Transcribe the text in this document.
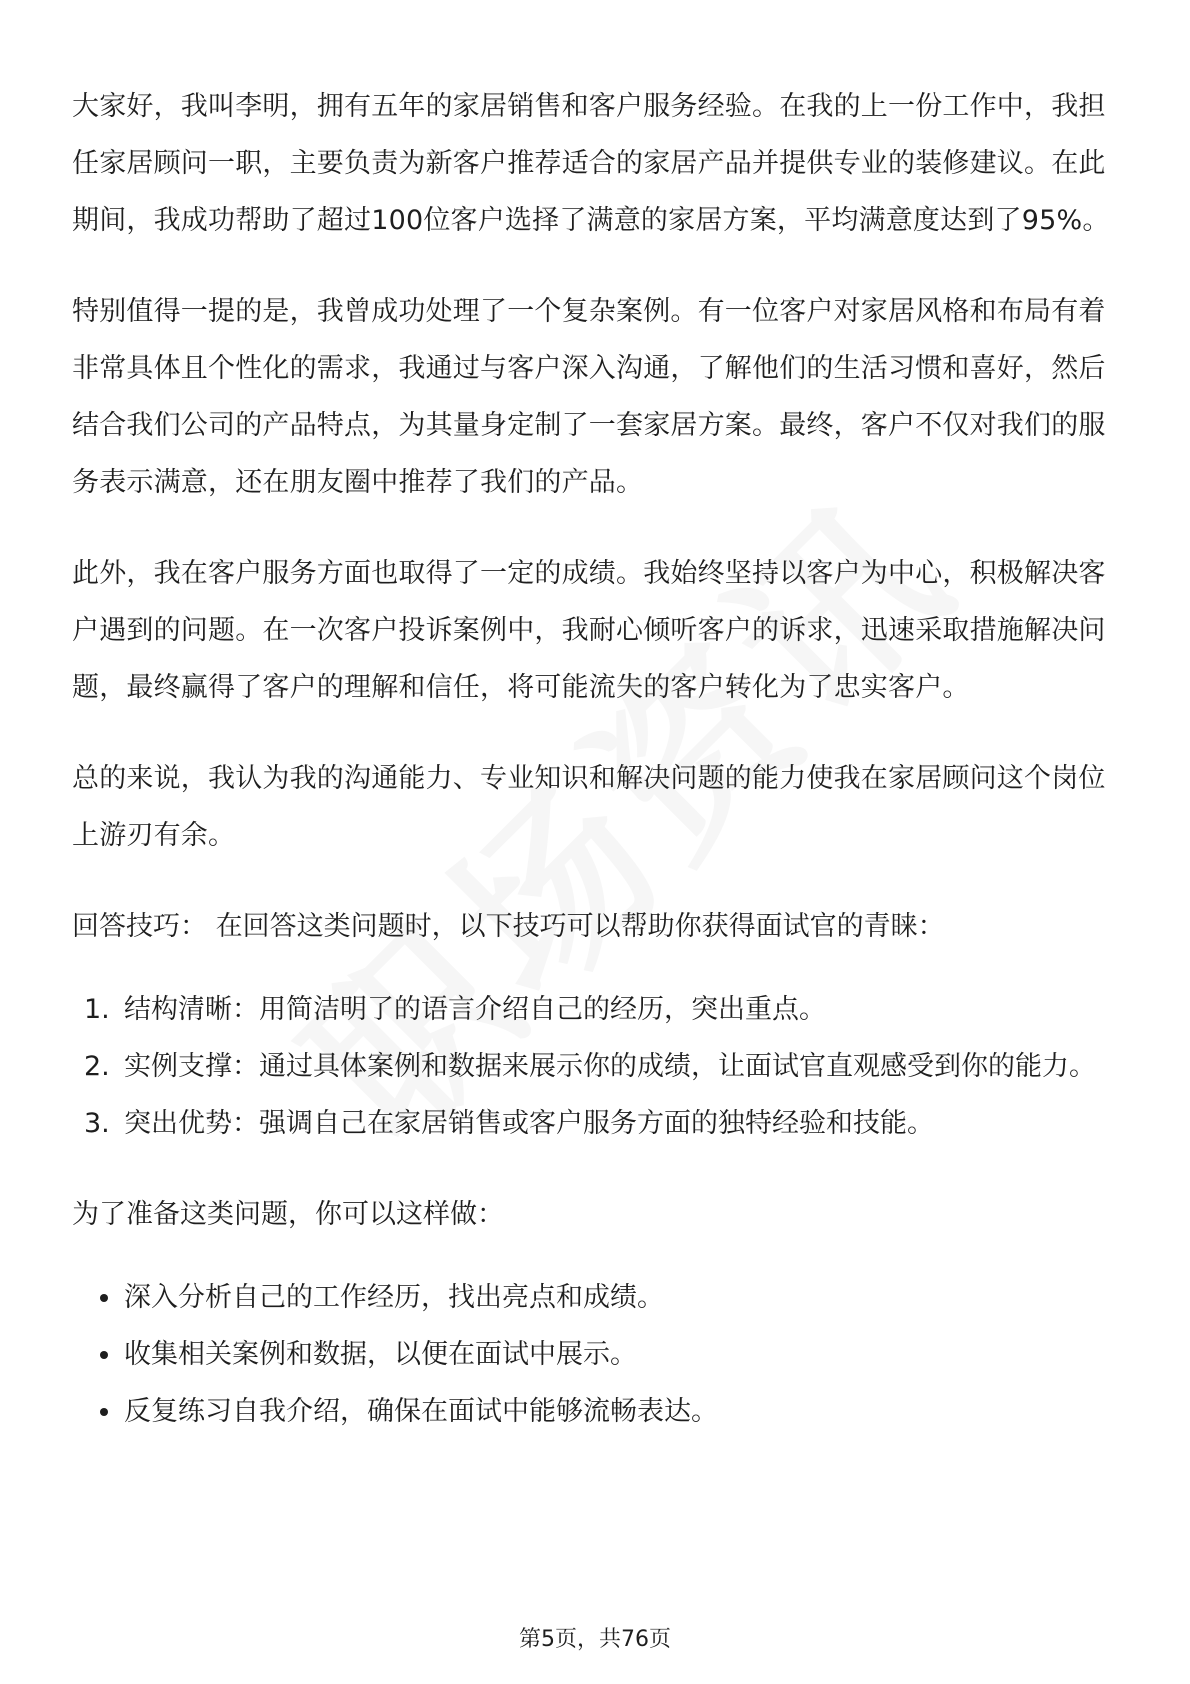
大家好，我叫李明，拥有五年的家居销售和客户服务经验。在我的上一份工作中，我担任家居顾问一职，主要负责为新客户推荐适合的家居产品并提供专业的装修建议。在此期间，我成功帮助了超过100位客户选择了满意的家居方案，平均满意度达到了95%。

特别值得一提的是，我曾成功处理了一个复杂案例。有一位客户对家居风格和布局有着非常具体且个性化的需求，我通过与客户深入沟通，了解他们的生活习惯和喜好，然后结合我们公司的产品特点，为其量身定制了一套家居方案。最终，客户不仅对我们的服务表示满意，还在朋友圈中推荐了我们的产品。

此外，我在客户服务方面也取得了一定的成绩。我始终坚持以客户为中心，积极解决客户遇到的问题。在一次客户投诉案例中，我耐心倾听客户的诉求，迅速采取措施解决问题，最终赢得了客户的理解和信任，将可能流失的客户转化为了忠实客户。

总的来说，我认为我的沟通能力、专业知识和解决问题的能力使我在家居顾问这个岗位上游刃有余。

回答技巧： 在回答这类问题时，以下技巧可以帮助你获得面试官的青睐：

1. 结构清晰：用简洁明了的语言介绍自己的经历，突出重点。
2. 实例支撑：通过具体案例和数据来展示你的成绩，让面试官直观感受到你的能力。
3. 突出优势：强调自己在家居销售或客户服务方面的独特经验和技能。

为了准备这类问题，你可以这样做：

深入分析自己的工作经历，找出亮点和成绩。
收集相关案例和数据，以便在面试中展示。
反复练习自我介绍，确保在面试中能够流畅表达。
第5页，共76页
